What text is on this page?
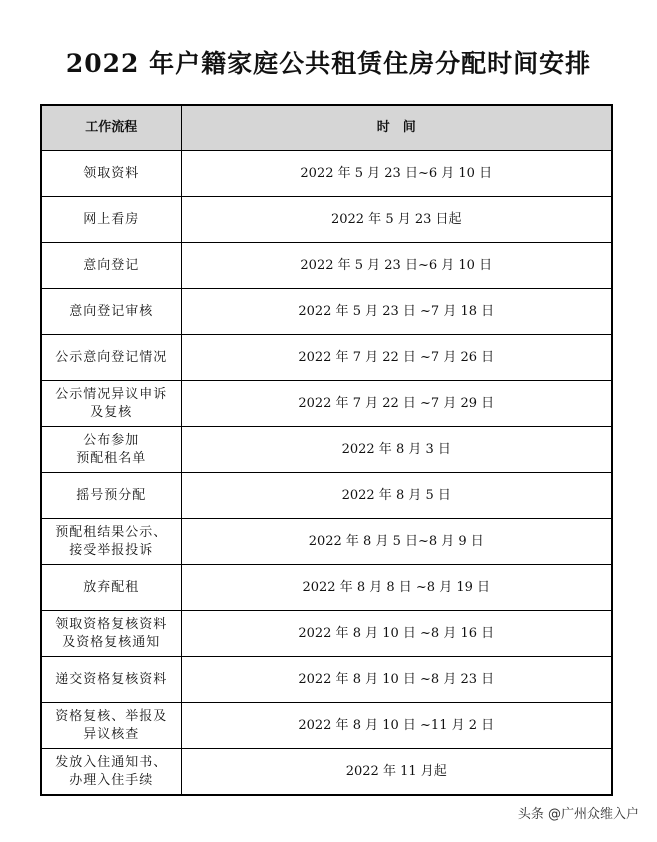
2022 年户籍家庭公共租赁住房分配时间安排
工作流程	时　间

领取资料	2022 年 5 月 23 日~6 月 10 日

网上看房	2022 年 5 月 23 日起

意向登记	2022 年 5 月 23 日~6 月 10 日

意向登记审核	2022 年 5 月 23 日 ~7 月 18 日

公示意向登记情况	2022 年 7 月 22 日 ~7 月 26 日

公示情况异议申诉
及复核	2022 年 7 月 22 日 ~7 月 29 日

公布参加
预配租名单	2022 年 8 月 3 日

摇号预分配	2022 年 8 月 5 日

预配租结果公示、
接受举报投诉	2022 年 8 月 5 日~8 月 9 日

放弃配租	2022 年 8 月 8 日 ~8 月 19 日

领取资格复核资料
及资格复核通知	2022 年 8 月 10 日 ~8 月 16 日

递交资格复核资料	2022 年 8 月 10 日 ~8 月 23 日

资格复核、举报及
异议核查	2022 年 8 月 10 日 ~11 月 2 日

发放入住通知书、
办理入住手续	2022 年 11 月起
头条 @广州众维入户
